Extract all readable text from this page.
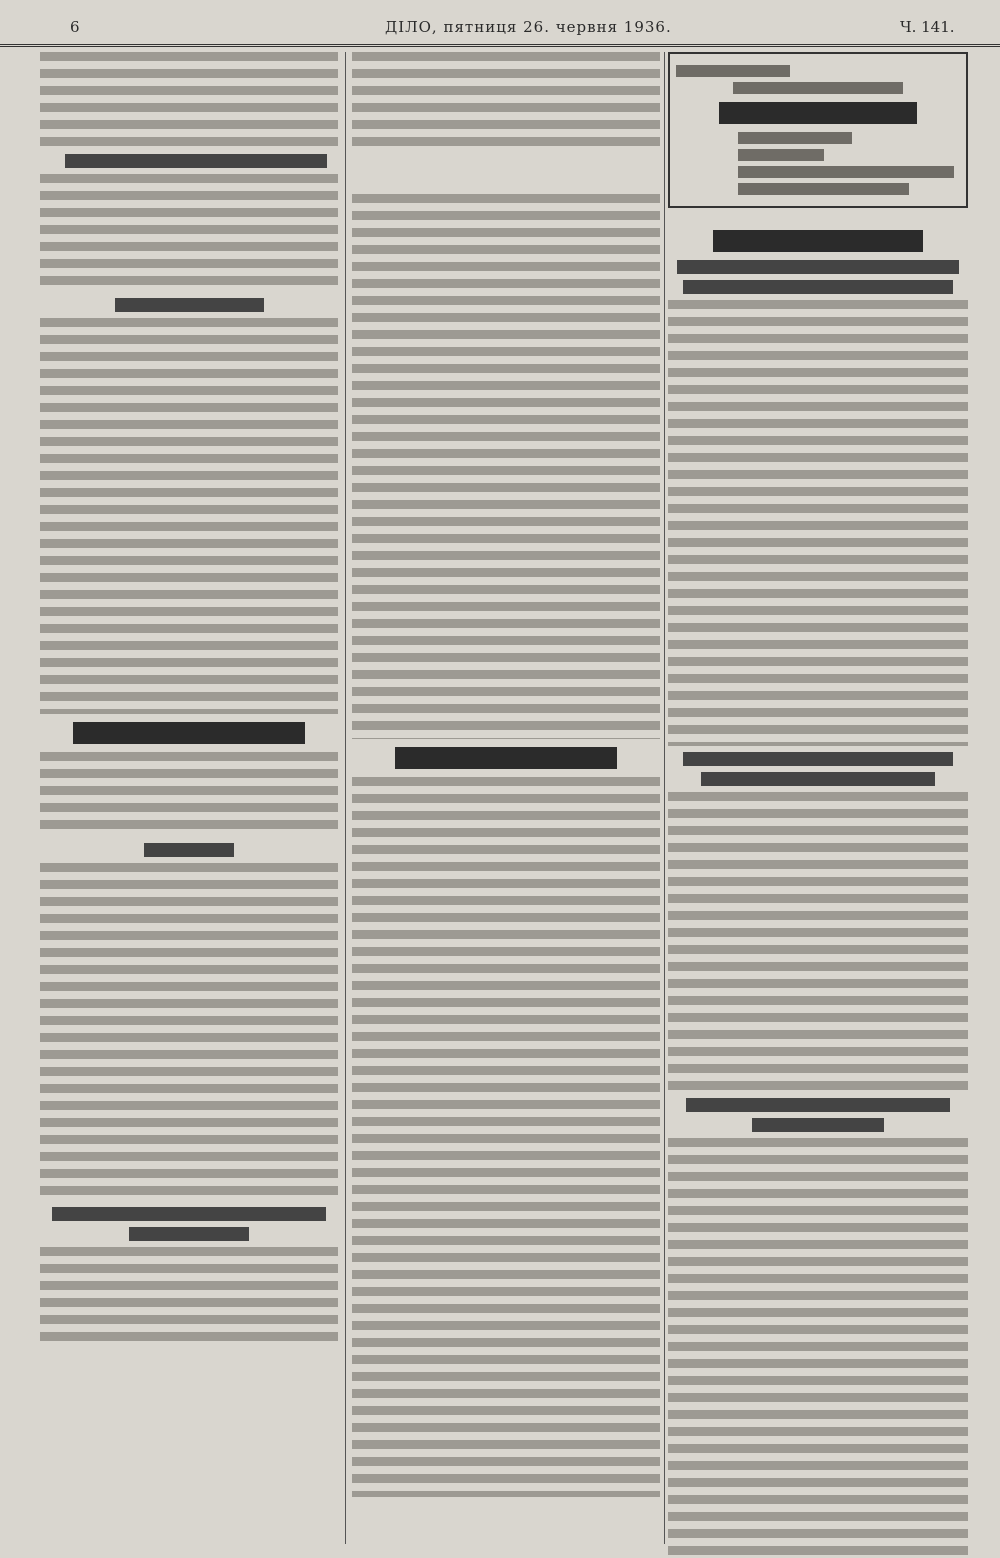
6	ДІЛО, пятниця 26. червня 1936.	Ч. 141.
